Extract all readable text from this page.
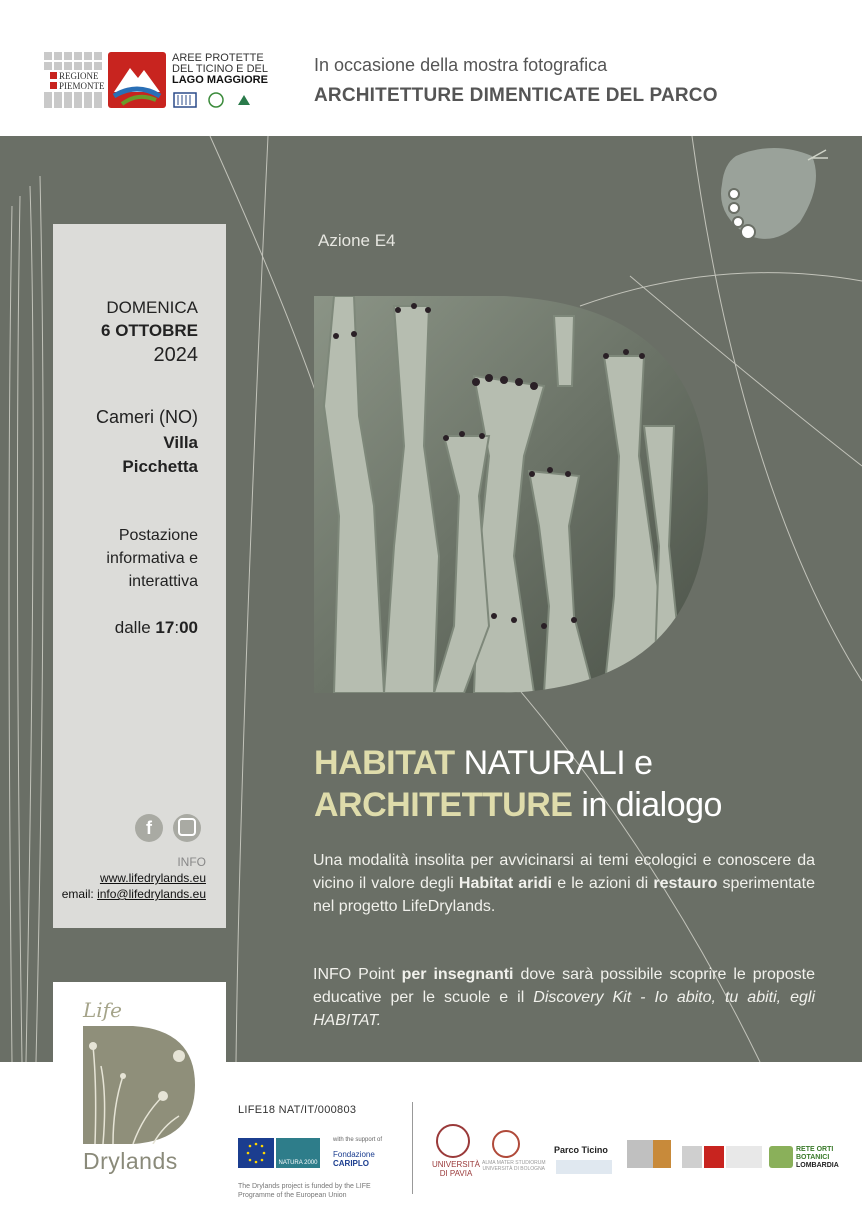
REGIONE
PIEMONTE
AREE PROTETTE
DEL TICINO E DEL
LAGO MAGGIORE
In occasione della mostra fotografica
ARCHITETTURE DIMENTICATE DEL PARCO
Azione E4
HABITAT NATURALI e
ARCHITETTURE in dialogo
Una modalità insolita per avvicinarsi ai temi ecologici e conoscere da vicino il valore degli Habitat aridi e le azioni di restauro sperimentate nel progetto LifeDrylands.
INFO Point per insegnanti dove sarà possibile scoprire le proposte educative per le scuole e il Discovery Kit - Io abito, tu abiti, egli HABITAT.
DOMENICA
6 OTTOBRE
2024
Cameri (NO)
Villa
Picchetta
Postazione
informativa e
interattiva
dalle 17:00
f
INFO
www.lifedrylands.eu
email: info@lifedrylands.eu
Life
Drylands
LIFE18 NAT/IT/000803
NATURA 2000
with the support of
Fondazione
CARIPLO
The Drylands project is funded by the LIFE Programme of the European Union
UNIVERSITÀ
DI PAVIA
ALMA MATER STUDIORUM
UNIVERSITÀ DI BOLOGNA
Parco Ticino	RETE ORTI
BOTANICI
LOMBARDIA
